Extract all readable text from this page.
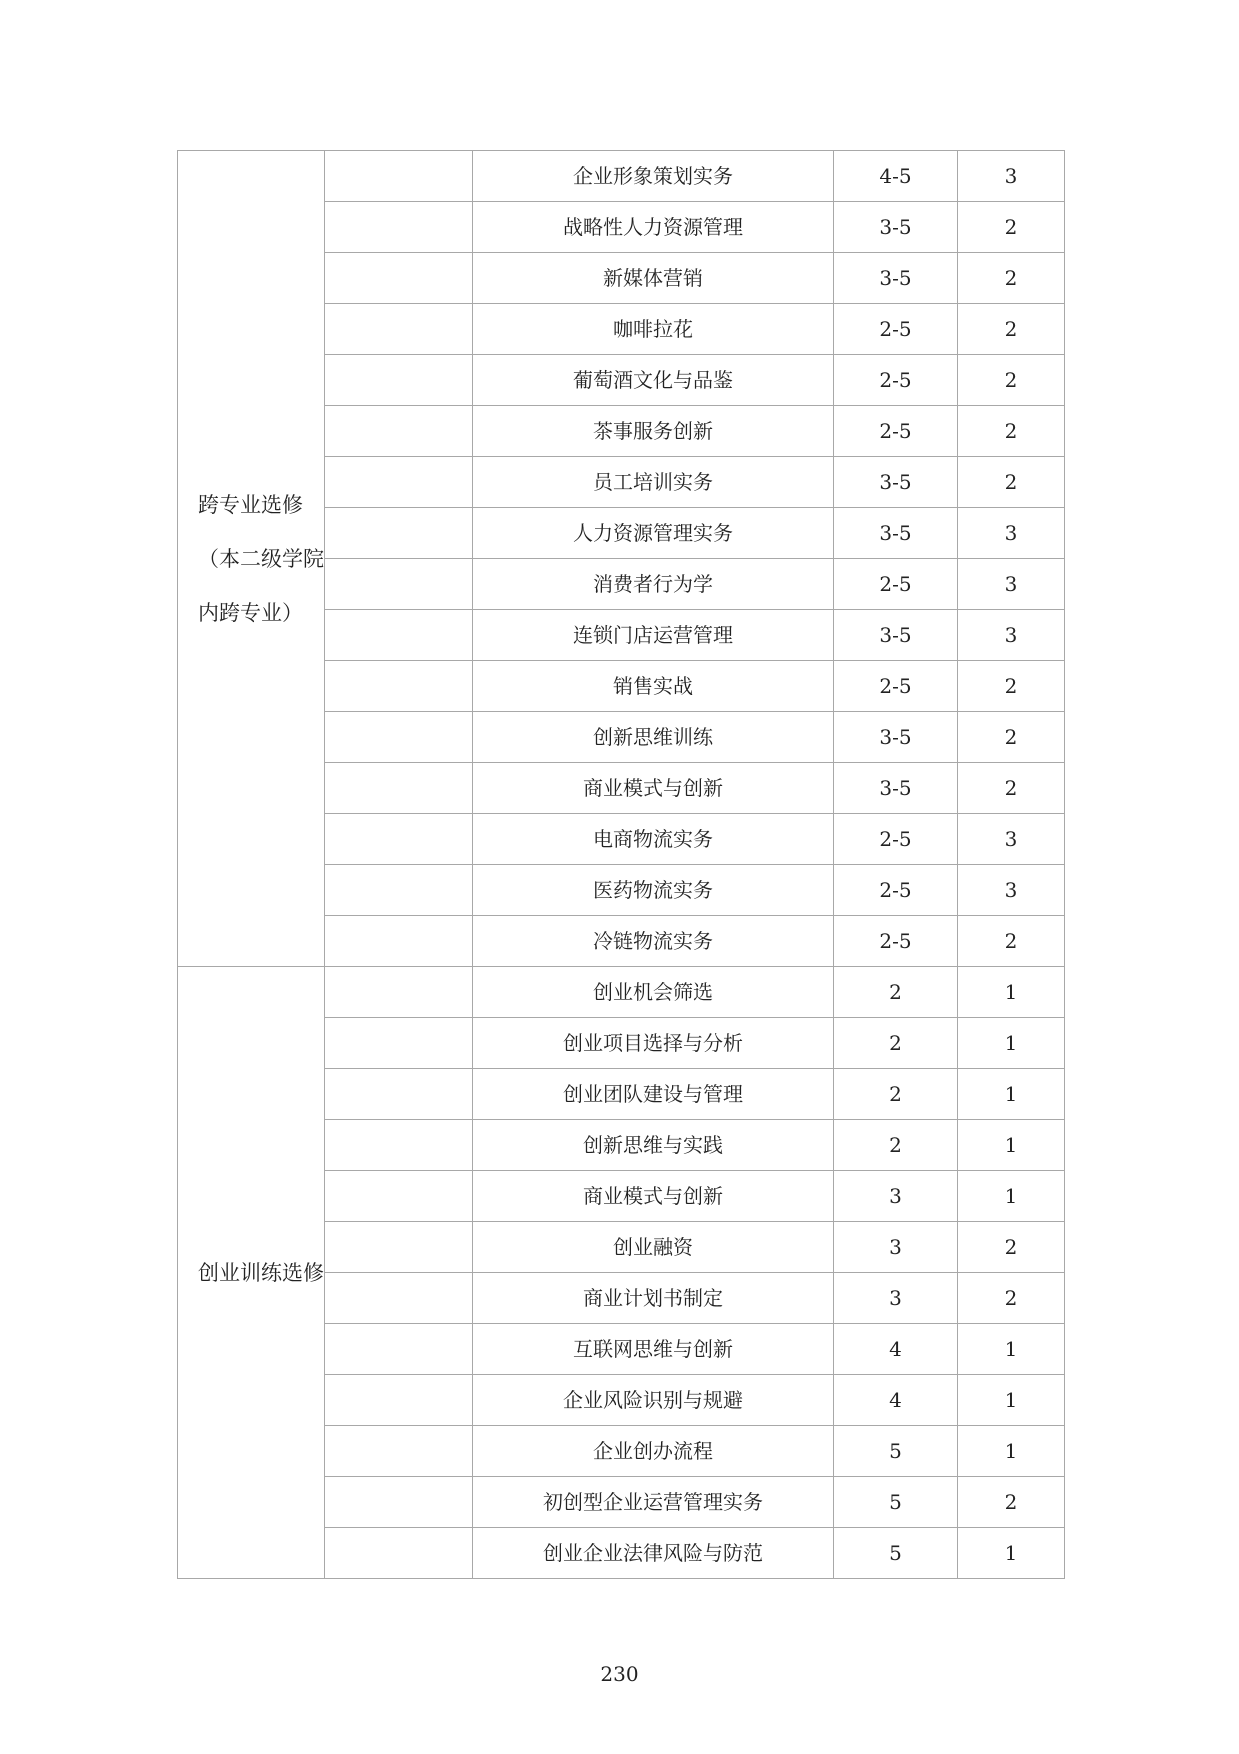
跨专业选修
（本二级学院
内跨专业）		企业形象策划实务	4-5	3
		战略性人力资源管理	3-5	2
		新媒体营销	3-5	2
		咖啡拉花	2-5	2
		葡萄酒文化与品鉴	2-5	2
		茶事服务创新	2-5	2
		员工培训实务	3-5	2
		人力资源管理实务	3-5	3
		消费者行为学	2-5	3
		连锁门店运营管理	3-5	3
		销售实战	2-5	2
		创新思维训练	3-5	2
		商业模式与创新	3-5	2
		电商物流实务	2-5	3
		医药物流实务	2-5	3
		冷链物流实务	2-5	2

创业训练选修		创业机会筛选	2	1
		创业项目选择与分析	2	1
		创业团队建设与管理	2	1
		创新思维与实践	2	1
		商业模式与创新	3	1
		创业融资	3	2
		商业计划书制定	3	2
		互联网思维与创新	4	1
		企业风险识别与规避	4	1
		企业创办流程	5	1
		初创型企业运营管理实务	5	2
		创业企业法律风险与防范	5	1
230
